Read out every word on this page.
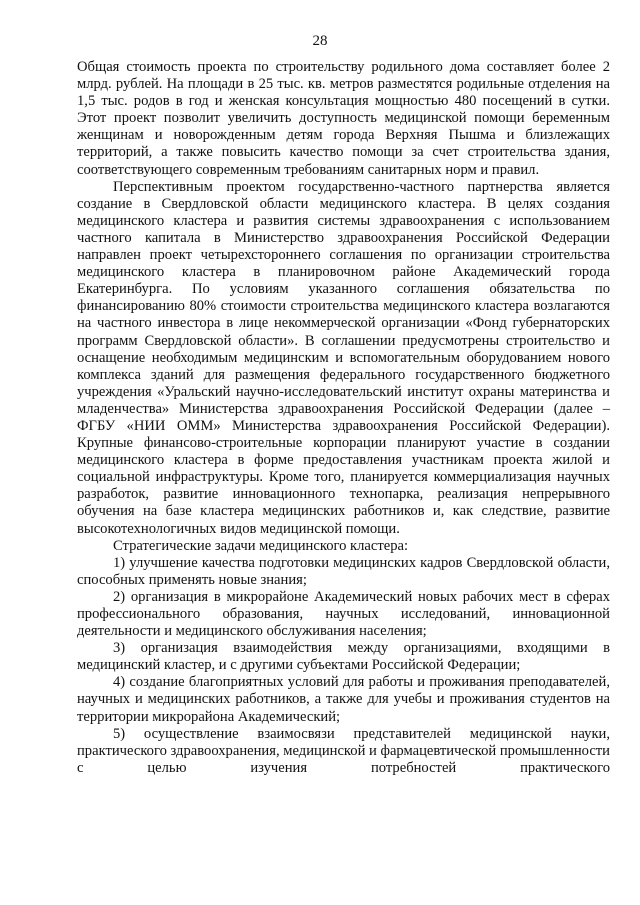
28

Общая стоимость проекта по строительству родильного дома составляет более 2 млрд. рублей. На площади в 25 тыс. кв. метров разместятся родильные отделения на 1,5 тыс. родов в год и женская консультация мощностью 480 посещений в сутки. Этот проект позволит увеличить доступность медицинской помощи беременным женщинам и новорожденным детям города Верхняя Пышма и близлежащих территорий, а также повысить качество помощи за счет строительства здания, соответствующего современным требованиям санитарных норм и правил.

Перспективным проектом государственно-частного партнерства является создание в Свердловской области медицинского кластера. В целях создания медицинского кластера и развития системы здравоохранения с использованием частного капитала в Министерство здравоохранения Российской Федерации направлен проект четырехстороннего соглашения по организации строительства медицинского кластера в планировочном районе Академический города Екатеринбурга. По условиям указанного соглашения обязательства по финансированию 80% стоимости строительства медицинского кластера возлагаются на частного инвестора в лице некоммерческой организации «Фонд губернаторских программ Свердловской области». В соглашении предусмотрены строительство и оснащение необходимым медицинским и вспомогательным оборудованием нового комплекса зданий для размещения федерального государственного бюджетного учреждения «Уральский научно-исследовательский институт охраны материнства и младенчества» Министерства здравоохранения Российской Федерации (далее – ФГБУ «НИИ ОММ» Министерства здравоохранения Российской Федерации). Крупные финансово-строительные корпорации планируют участие в создании медицинского кластера в форме предоставления участникам проекта жилой и социальной инфраструктуры. Кроме того, планируется коммерциализация научных разработок, развитие инновационного технопарка, реализация непрерывного обучения на базе кластера медицинских работников и, как следствие, развитие высокотехнологичных видов медицинской помощи.

Стратегические задачи медицинского кластера:

1) улучшение качества подготовки медицинских кадров Свердловской области, способных применять новые знания;

2) организация в микрорайоне Академический новых рабочих мест в сферах профессионального образования, научных исследований, инновационной деятельности и медицинского обслуживания населения;

3) организация взаимодействия между организациями, входящими в медицинский кластер, и с другими субъектами Российской Федерации;

4) создание благоприятных условий для работы и проживания преподавателей, научных и медицинских работников, а также для учебы и проживания студентов на территории микрорайона Академический;

5) осуществление взаимосвязи представителей медицинской науки, практического здравоохранения, медицинской и фармацевтической промышленности с целью изучения потребностей практического
